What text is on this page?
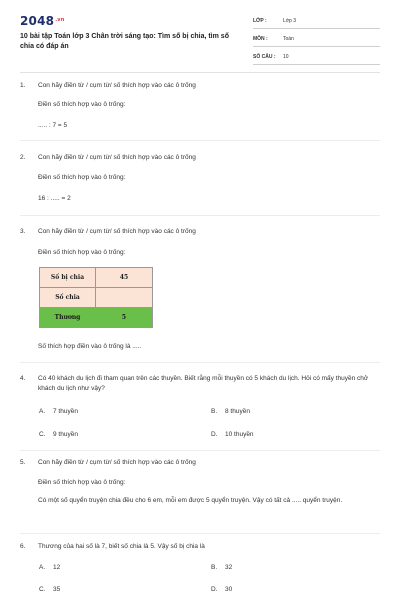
$2048^{.vn}$
10 bài tập Toán lớp 3 Chân trời sáng tạo: Tìm số bị chia, tìm số chia có đáp án
LỚP :	Lớp 3
MÔN :	Toán
SỐ CÂU :	10
1.	Con hãy điền từ / cụm từ/ số thích hợp vào các ô trống
Điền số thích hợp vào ô trống:
..... : 7 = 5
2.	Con hãy điền từ / cụm từ/ số thích hợp vào các ô trống
Điền số thích hợp vào ô trống:
16 : ..... = 2
3.	Con hãy điền từ / cụm từ/ số thích hợp vào các ô trống
Điền số thích hợp vào ô trống:
Số bị chia	45
Số chia	
Thương	5
Số thích hợp điền vào ô trống là .....
4.	Có 40 khách du lịch đi tham quan trên các thuyền. Biết rằng mỗi thuyền có 5 khách du lịch. Hỏi có mấy thuyền chở khách du lịch như vậy?
A. 7 thuyền	B. 8 thuyền
C. 9 thuyền	D. 10 thuyền
5.	Con hãy điền từ / cụm từ/ số thích hợp vào các ô trống
Điền số thích hợp vào ô trống:
Có một số quyển truyện chia đều cho 6 em, mỗi em được 5 quyển truyện. Vậy có tất cả ..... quyển truyện.
6.	Thương của hai số là 7, biết số chia là 5. Vậy số bị chia là
A. 12	B. 32
C. 35	D. 30
